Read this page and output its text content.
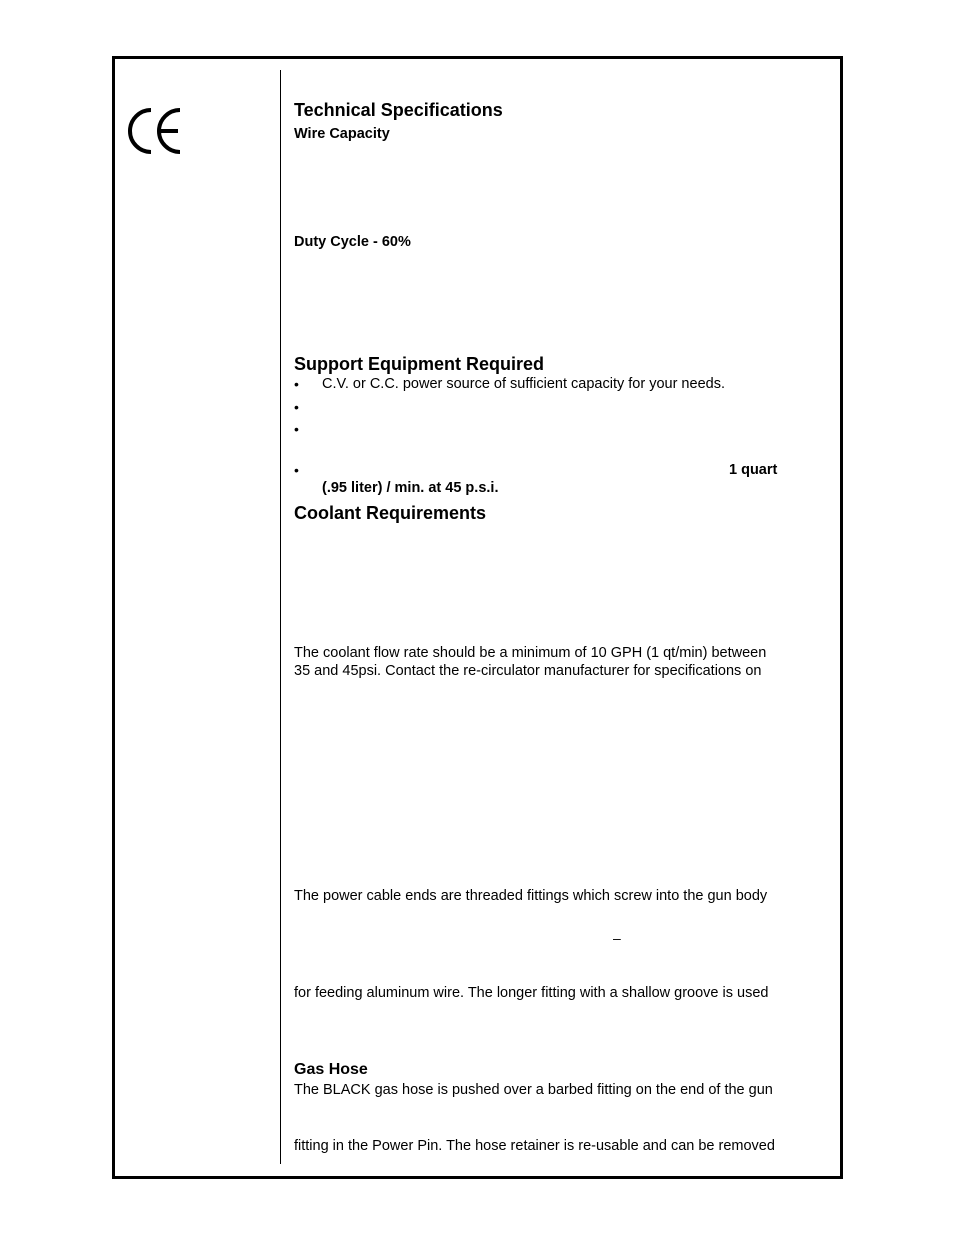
Technical Specifications
Wire Capacity
Duty Cycle - 60%
Support Equipment Required
• C.V. or C.C. power source of sufficient capacity for your needs.
•
•
•	1 quart
(.95 liter) / min. at 45 p.s.i.
Coolant Requirements
The coolant flow rate should be a minimum of 10 GPH (1 qt/min) between
35 and 45psi. Contact the re-circulator manufacturer for specifications on
The power cable ends are threaded fittings which screw into the gun body
–
for feeding aluminum wire. The longer fitting with a shallow groove is used
Gas Hose
The BLACK gas hose is pushed over a barbed fitting on the end of the gun
fitting in the Power Pin. The hose retainer is re-usable and can be removed
